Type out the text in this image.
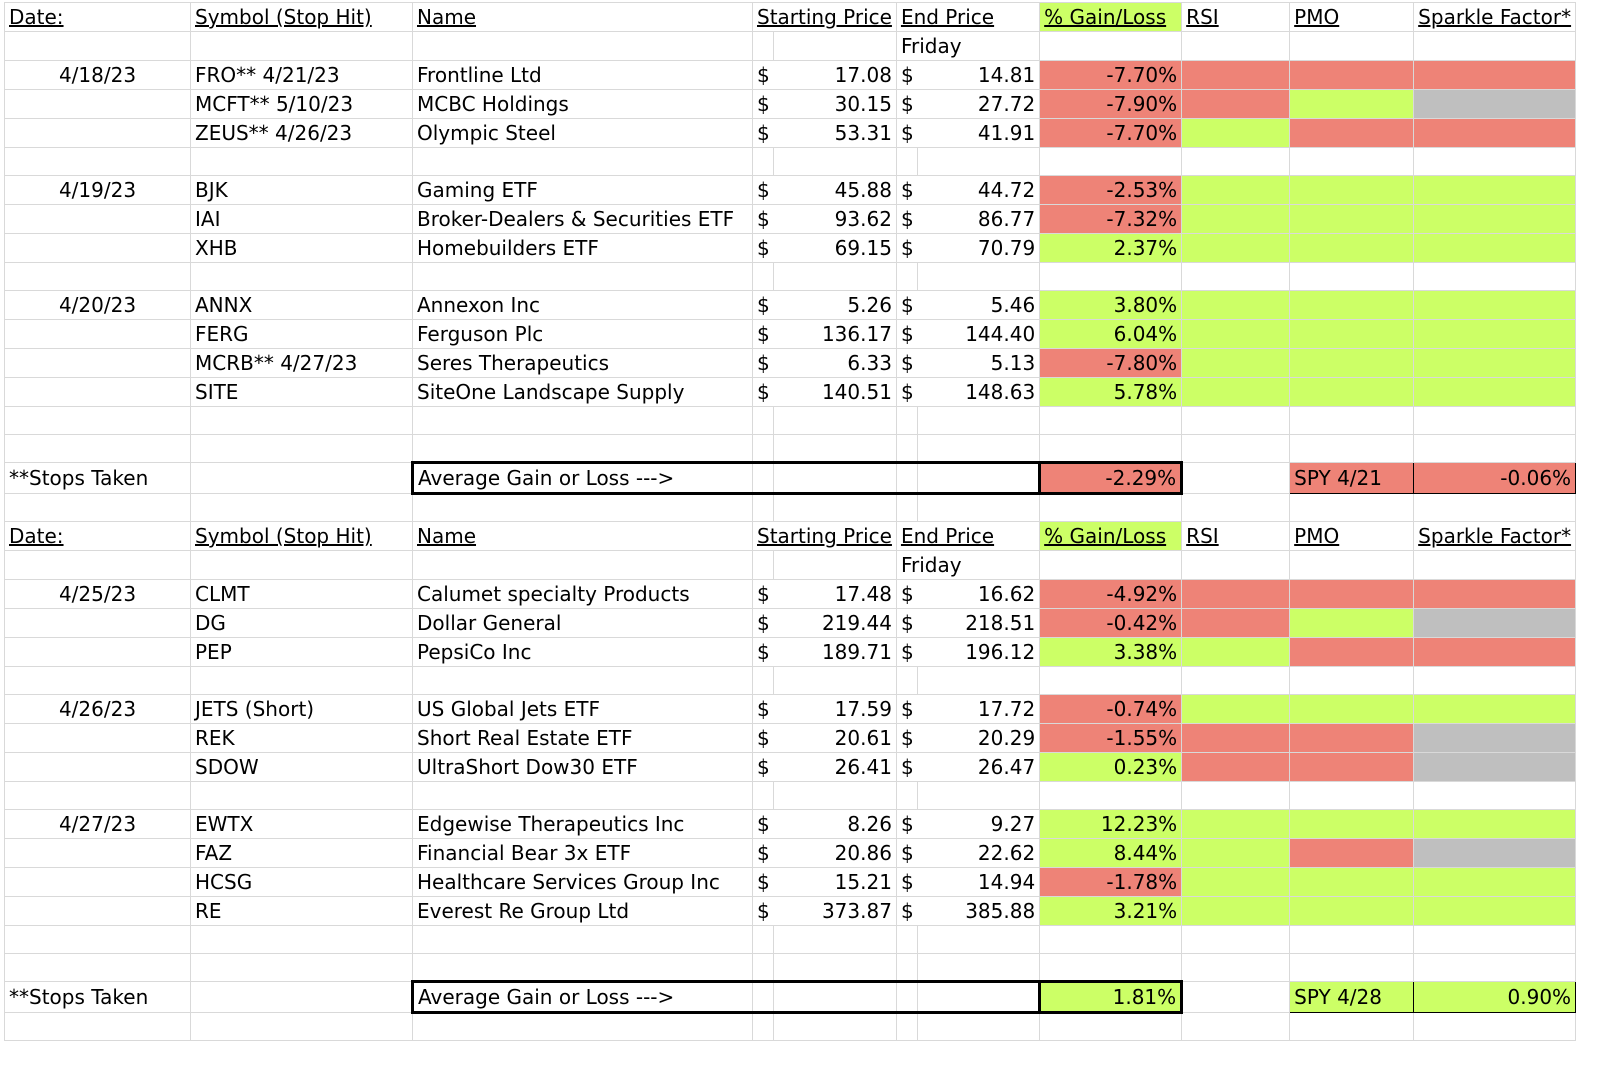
Date:	Symbol (Stop Hit)	Name	Starting Price		End Price		% Gain/Loss	RSI	PMO	Sparkle Factor*
					Friday					
4/18/23	FRO** 4/21/23	Frontline Ltd	$	17.08	$	14.81	-7.70%			
	MCFT** 5/10/23	MCBC Holdings	$	30.15	$	27.72	-7.90%			
	ZEUS** 4/26/23	Olympic Steel	$	53.31	$	41.91	-7.70%			

4/19/23	BJK	Gaming ETF	$	45.88	$	44.72	-2.53%			
	IAI	Broker-Dealers & Securities ETF	$	93.62	$	86.77	-7.32%			
	XHB	Homebuilders ETF	$	69.15	$	70.79	2.37%			

4/20/23	ANNX	Annexon Inc	$	5.26	$	5.46	3.80%			
	FERG	Ferguson Plc	$	136.17	$	144.40	6.04%			
	MCRB** 4/27/23	Seres Therapeutics	$	6.33	$	5.13	-7.80%			
	SITE	SiteOne Landscape Supply	$	140.51	$	148.63	5.78%			

**Stops Taken		Average Gain or Loss --->					-2.29%		SPY 4/21	-0.06%

Date:	Symbol (Stop Hit)	Name	Starting Price		End Price		% Gain/Loss	RSI	PMO	Sparkle Factor*
					Friday					
4/25/23	CLMT	Calumet specialty Products	$	17.48	$	16.62	-4.92%			
	DG	Dollar General	$	219.44	$	218.51	-0.42%			
	PEP	PepsiCo Inc	$	189.71	$	196.12	3.38%			

4/26/23	JETS (Short)	US Global Jets ETF	$	17.59	$	17.72	-0.74%			
	REK	Short Real Estate ETF	$	20.61	$	20.29	-1.55%			
	SDOW	UltraShort Dow30 ETF	$	26.41	$	26.47	0.23%			

4/27/23	EWTX	Edgewise Therapeutics Inc	$	8.26	$	9.27	12.23%			
	FAZ	Financial Bear 3x ETF	$	20.86	$	22.62	8.44%			
	HCSG	Healthcare Services Group Inc	$	15.21	$	14.94	-1.78%			
	RE	Everest Re Group Ltd	$	373.87	$	385.88	3.21%			

**Stops Taken		Average Gain or Loss --->					1.81%		SPY 4/28	0.90%
